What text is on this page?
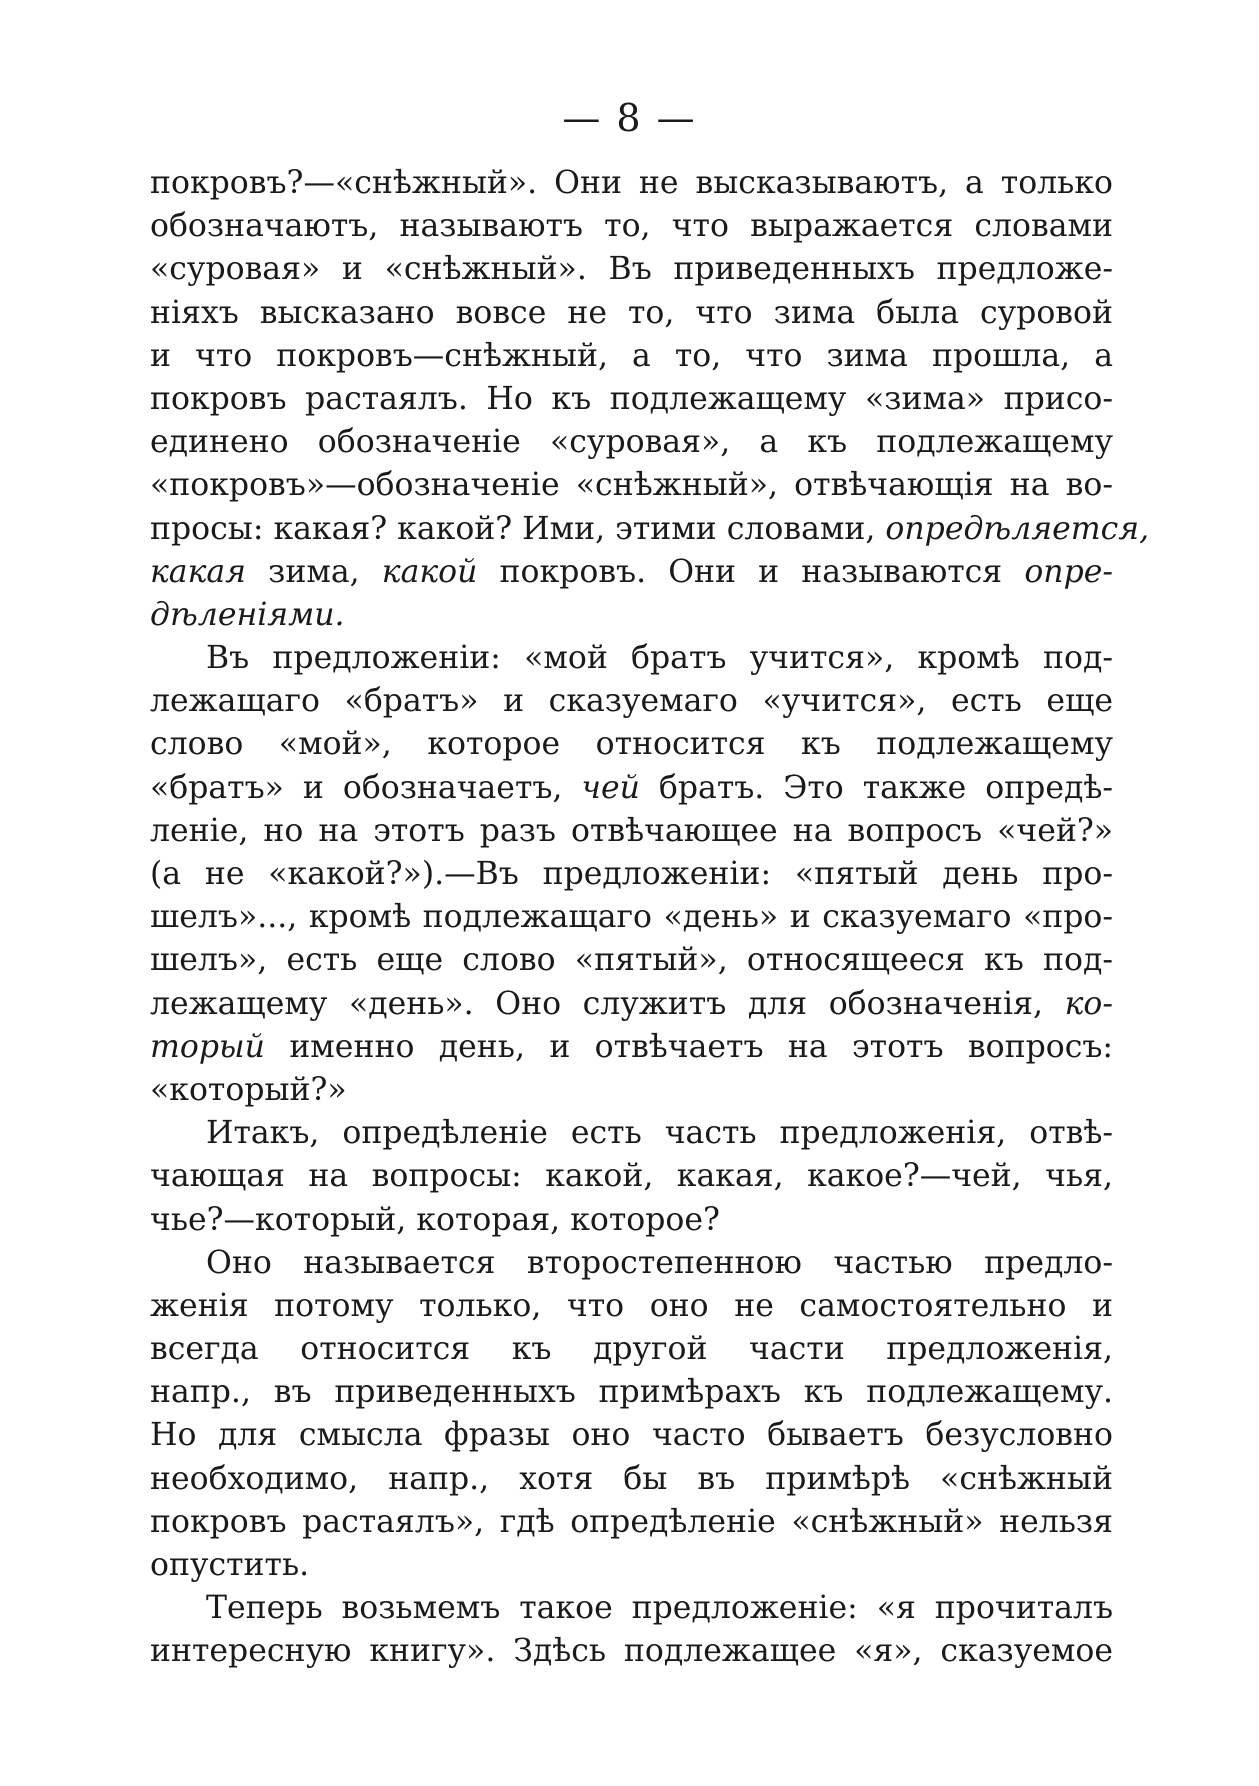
— 8 —
покровъ?—«снѣжный». Они не высказываютъ, а только
обозначаютъ, называютъ то, что выражается словами
«суровая» и «снѣжный». Въ приведенныхъ предложе-
ніяхъ высказано вовсе не то, что зима была суровой
и что покровъ—снѣжный, а то, что зима прошла, а
покровъ растаялъ. Но къ подлежащему «зима» присо-
единено обозначеніе «суровая», а къ подлежащему
«покровъ»—обозначеніе «снѣжный», отвѣчающія на во-
просы: какая? какой? Ими, этими словами, опредѣляется,
какая зима, какой покровъ. Они и называются опре-
дѣленіями.
Въ предложеніи: «мой братъ учится», кромѣ под-
лежащаго «братъ» и сказуемаго «учится», есть еще
слово «мой», которое относится къ подлежащему
«братъ» и обозначаетъ, чей братъ. Это также опредѣ-
леніе, но на этотъ разъ отвѣчающее на вопросъ «чей?»
(а не «какой?»).—Въ предложеніи: «пятый день про-
шелъ»..., кромѣ подлежащаго «день» и сказуемаго «про-
шелъ», есть еще слово «пятый», относящееся къ под-
лежащему «день». Оно служитъ для обозначенія, ко-
торый именно день, и отвѣчаетъ на этотъ вопросъ:
«который?»
Итакъ, опредѣленіе есть часть предложенія, отвѣ-
чающая на вопросы: какой, какая, какое?—чей, чья,
чье?—который, которая, которое?
Оно называется второстепенною частью предло-
женія потому только, что оно не самостоятельно и
всегда относится къ другой части предложенія,
напр., въ приведенныхъ примѣрахъ къ подлежащему.
Но для смысла фразы оно часто бываетъ безусловно
необходимо, напр., хотя бы въ примѣрѣ «снѣжный
покровъ растаялъ», гдѣ опредѣленіе «снѣжный» нельзя
опустить.
Теперь возьмемъ такое предложеніе: «я прочиталъ
интересную книгу». Здѣсь подлежащее «я», сказуемое
